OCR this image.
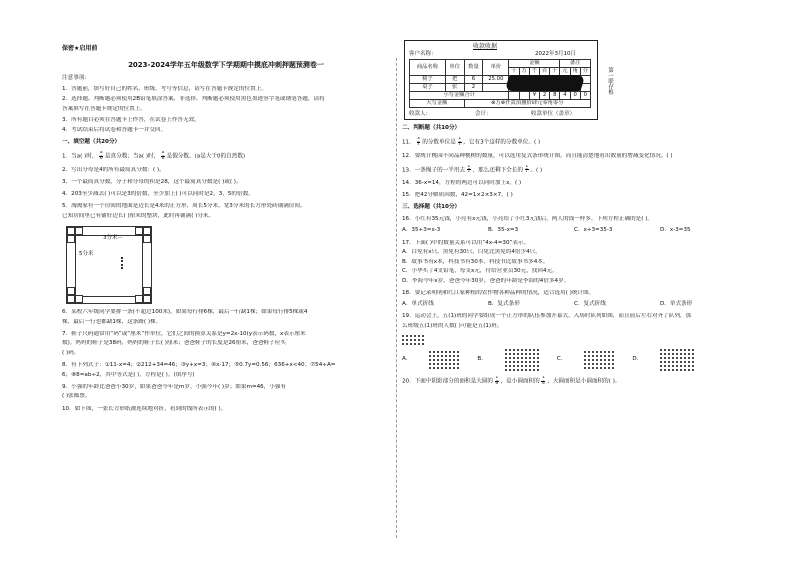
保密★启用前
2023-2024学年五年级数学下学期期中摸底冲刺押题预测卷一
注意事项：
1．答题前，填写好自己的姓名、班级、考号等信息，请写在答题卡规定的位置上。
2．选择题、判断题必须使用2B铅笔填涂答案，非选择、判断题必须使用黑色墨迹签字笔或钢笔答题，请将
答案填写在答题卡规定的位置上。
3．所有题目必须在答题卡上作答，在试卷上作答无效。
4．考试结束后将试卷和答题卡一并交回。
一、填空题（共20分）
1．当a( )时， $\frac{a}{6}$ 是真分数；当a( )时， $\frac{a}{6}$ 是假分数。(a是大于0的自然数)
2．写出分母是4的所有最简真分数：( )。
3．一个最简真分数，分子和分母的积是28，这个最简真分数是( )或( )。
4．203至少减去( )可以是3的倍数，至少加上( )可以同时是2，3，5的倍数。
5．淘淘家有一个房间的地面是边长是4米的正方形，周长5分米，宽3分米的长方形瓷砖铺满房间。
已知房间里已有铺好边长( )厘米的整块，此时再铺满( )分米。
3分米···
5分米
6．某校六年级同学要排一条(不超过100米)，如果每行排6棵，最后一行缺1棵；如果每行排5棵或4
棵，最后一行也都缺1棵，这条路( )棵。
7．鞋子尺码通常用“码”或“厘米”作单位，它们之间的换算关系是y=2x-10(y表示码数，x表示厘米
数)。妈妈的鞋子是38码，妈妈的鞋子长( )厘米；爸爸鞋子的长度是26厘米，爸爸鞋子应买
( )码。
8．有下列式子：①11-x=4；②212+34=46；③y+x=3；④x-17；⑤0.7y=0.56；636+x<40；⑦54÷A=
6；⑧8=ab÷2，其中等式是( )，方程是( )。(填序号)
9．小强的年龄比爸爸小30岁，如果爸爸今年是m岁，小强今年( )岁；如果m=46，小强有
( )张邮票。
10．如下图，一张长方形纸被连续地对折，看到的线所表示的( )。
收款收据
客户名称：	2022年3月10日
商品名称	单位	数量	单价	金额					备注		
				十	万	千	百	十	元	角	分
椅子	把	6	25.00								
桌子	张	2									
小写金额合计						¥	2	8	4	0	0
大写金额		⊗万⊗仟贰佰捌拾肆元零角零分									
收款人：	会计：	收款单位（盖章）
第一联存根
二、判断题（共10分）
11． $\frac{3}{7}$ 的分数单位是 $\frac{1}{7}$ ，它有3个这样的分数单位。( )
12．要统计桃园不同品种桃树的数量，可以选用复式条形统计图，而且能清楚地看出数量的增减变化情况。( )
13．一条绳子的一半用去 $\frac{1}{7}$ ，那么还剩下全长的 $\frac{1}{7}$ 。( )
14．36-x=14，方程的两边可以同时加上x。( )
15．把42分解质因数，42=1×2×3×7。( )
三、选择题（共10分）
16．小红有35元钱，小亮有x元钱，小亮给了小红3元钱后，两人的钱一样多。下列方程正确的是( )。
A．35+3=x-3	B．35-x=3	C．x+3=35-3	D．x-3=35
17．下面( )中的数量关系可以用“4x-4=30”表示。
A．白免有x只，黑免有30只，白免比黑免的4倍少4只。
B．故事书有x本，科技书有30本，科技书比故事书多4本。
C．小华买了4支铅笔，每支x元，付给营业员30元，找回4元。
D．李海今年x岁，爸爸今年30岁，爸爸的年龄是李海的4倍多4岁。
18．要记录明明和红江家种植的农作物各种品种的情况，适合选用( )统计图。
A．单式折线	B．复式条形	C．复式折线	D．单式条形
19．运动会上，五(1)班的同学要组成一个正方形的队伍参加开幕式。入场时队列如图，而且前后左右对齐了队列，那
么班级五(1)班的人数( )可能是五(1)班。
A．	B．	C．	D．
20．下面中阴影部分的面积是大圆的 $\frac{1}{6}$ ，是小圆面积的 $\frac{1}{4}$ ，大圆面积是小圆面积的( )。
